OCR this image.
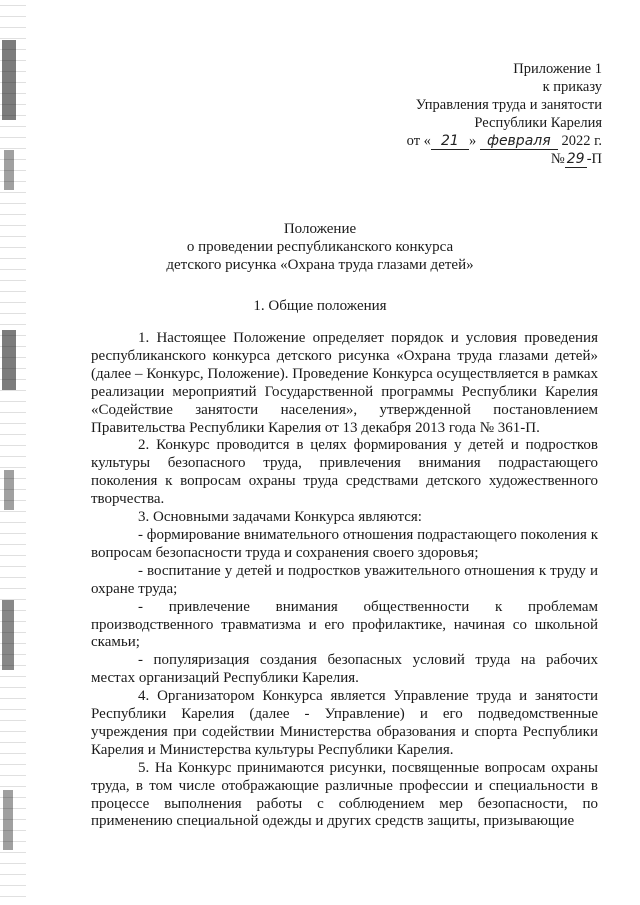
Приложение 1
к приказу
Управления труда и занятости
Республики Карелия
от « 21 » февраля 2022 г.
№ 29 -П
Положение
о проведении республиканского конкурса
детского рисунка «Охрана труда глазами детей»
1. Общие положения

1. Настоящее Положение определяет порядок и условия проведения республиканского конкурса детского рисунка «Охрана труда глазами детей» (далее – Конкурс, Положение). Проведение Конкурса осуществляется в рамках реализации мероприятий Государственной программы Республики Карелия «Содействие занятости населения», утвержденной постановлением Правительства Республики Карелия от 13 декабря 2013 года № 361-П.

2. Конкурс проводится в целях формирования у детей и подростков культуры безопасного труда, привлечения внимания подрастающего поколения к вопросам охраны труда средствами детского художественного творчества.

3. Основными задачами Конкурса являются:

- формирование внимательного отношения подрастающего поколения к вопросам безопасности труда и сохранения своего здоровья;

- воспитание у детей и подростков уважительного отношения к труду и охране труда;

- привлечение внимания общественности к проблемам производственного травматизма и его профилактике, начиная со школьной скамьи;

- популяризация создания безопасных условий труда на рабочих местах организаций Республики Карелия.

4. Организатором Конкурса является Управление труда и занятости Республики Карелия (далее - Управление) и его подведомственные учреждения при содействии Министерства образования и спорта Республики Карелия и Министерства культуры Республики Карелия.

5. На Конкурс принимаются рисунки, посвященные вопросам охраны труда, в том числе отображающие различные профессии и специальности в процессе выполнения работы с соблюдением мер безопасности, по применению специальной одежды и других средств защиты, призывающие
